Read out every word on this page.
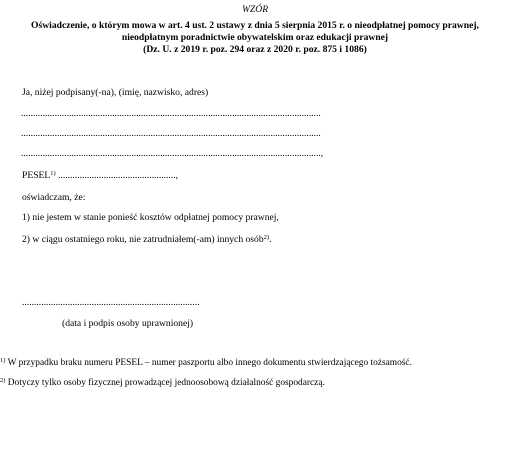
WZÓR
Oświadczenie, o którym mowa w art. 4 ust. 2 ustawy z dnia 5 sierpnia 2015 r. o nieodpłatnej pomocy prawnej,
nieodpłatnym poradnictwie obywatelskim oraz edukacji prawnej
(Dz. U. z 2019 r. poz. 294 oraz z 2020 r. poz. 875 i 1086)
Ja, niżej podpisany(-na), (imię, nazwisko, adres)
.............................................................................................................................
.............................................................................................................................
.............................................................................................................................,
PESEL$^{1)}$ .................................................,
oświadczam, że:
1) nie jestem w stanie ponieść kosztów odpłatnej pomocy prawnej,
2) w ciągu ostatniego roku, nie zatrudniałem(-am) innych osób$^{2)}$.
..........................................................................
(data i podpis osoby uprawnionej)
$^{1)}$ W przypadku braku numeru PESEL – numer paszportu albo innego dokumentu stwierdzającego tożsamość.
$^{2)}$ Dotyczy tylko osoby fizycznej prowadzącej jednoosobową działalność gospodarczą.
